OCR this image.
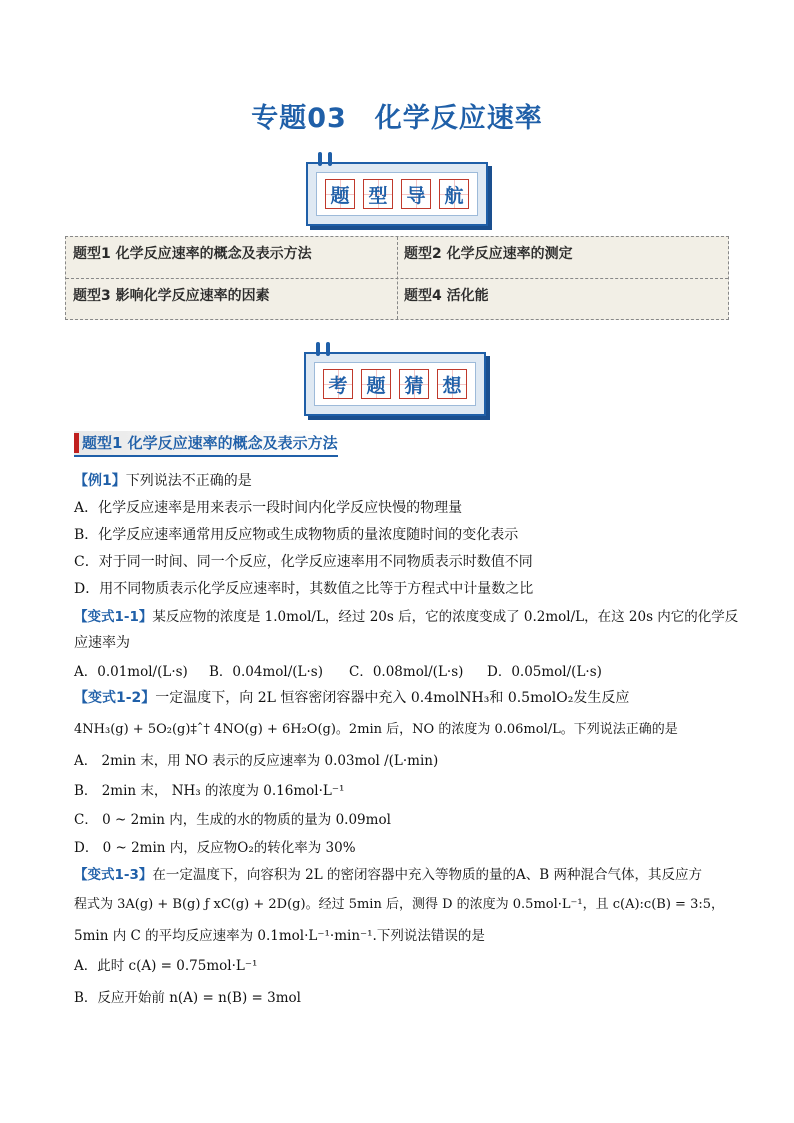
专题03　化学反应速率
题 型 导 航
题型1 化学反应速率的概念及表示方法	题型2 化学反应速率的测定
题型3 影响化学反应速率的因素	题型4 活化能
考 题 猜 想
题型1 化学反应速率的概念及表示方法
【例1】下列说法不正确的是
A．化学反应速率是用来表示一段时间内化学反应快慢的物理量
B．化学反应速率通常用反应物或生成物物质的量浓度随时间的变化表示
C．对于同一时间、同一个反应，化学反应速率用不同物质表示时数值不同
D．用不同物质表示化学反应速率时，其数值之比等于方程式中计量数之比
【变式1-1】某反应物的浓度是 1.0mol/L，经过 20s 后，它的浓度变成了 0.2mol/L，在这 20s 内它的化学反
应速率为
A．0.01mol/(L·s) B．0.04mol/(L·s) C．0.08mol/(L·s) D．0.05mol/(L·s)
【变式1-2】一定温度下，向 2L 恒容密闭容器中充入 0.4molNH₃和 0.5molO₂发生反应
4NH₃(g) + 5O₂(g)‡ˆ† 4NO(g) + 6H₂O(g)。2min 后，NO 的浓度为 0.06mol/L。下列说法正确的是
A． 2min 末，用 NO 表示的反应速率为 0.03mol /(L·min)
B． 2min 末， NH₃ 的浓度为 0.16mol·L⁻¹
C． 0 ~ 2min 内，生成的水的物质的量为 0.09mol
D． 0 ~ 2min 内，反应物O₂的转化率为 30%
【变式1-3】在一定温度下，向容积为 2L 的密闭容器中充入等物质的量的A、B 两种混合气体，其反应方
程式为 3A(g) + B(g) ƒ xC(g) + 2D(g)。经过 5min 后，测得 D 的浓度为 0.5mol·L⁻¹，且 c(A):c(B) = 3:5，
5min 内 C 的平均反应速率为 0.1mol·L⁻¹·min⁻¹.下列说法错误的是
A．此时 c(A) = 0.75mol·L⁻¹
B．反应开始前 n(A) = n(B) = 3mol
